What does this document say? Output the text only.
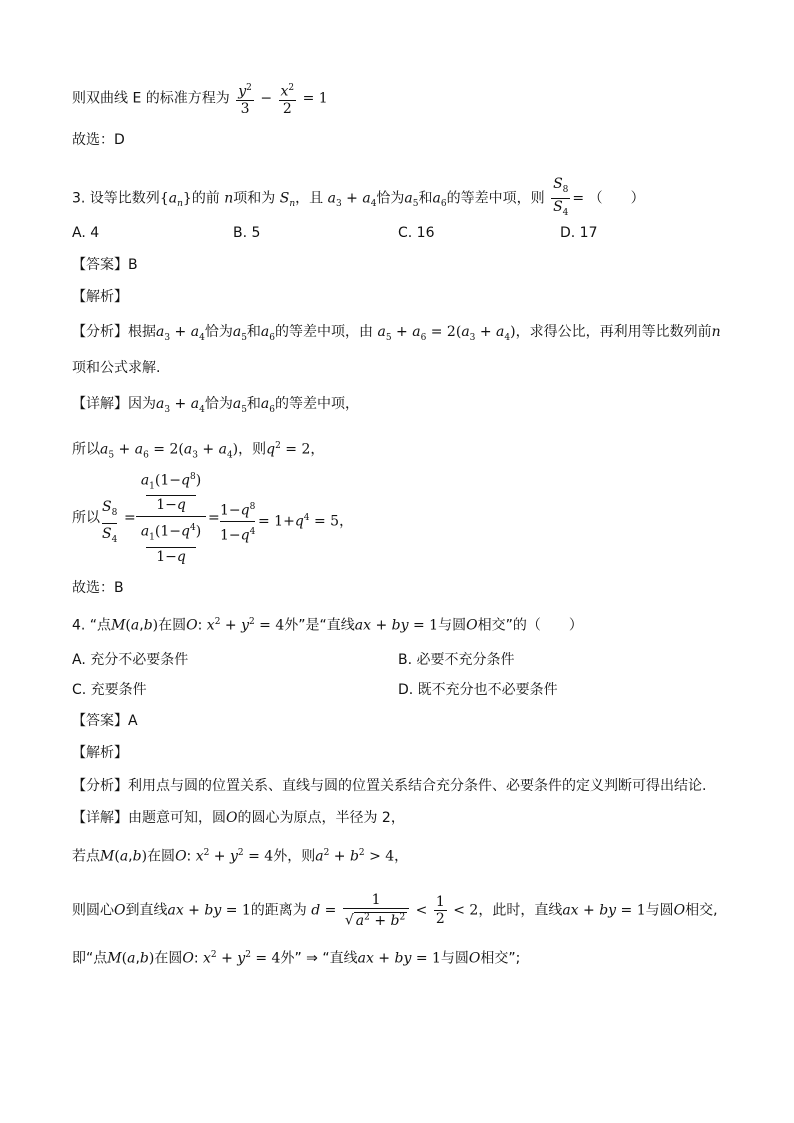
则双曲线 E 的标准方程为 $\frac{y^2}{3} - \frac{x^2}{2} = 1$
故选：D
3. 设等比数列$\{a_n\}$的前 n项和为 $S_n$，且 $a_3 + a_4$恰为$a_5$和$a_6$的等差中项，则 $\frac{S_8}{S_4}$ = （　　）
A. 4	B. 5	C. 16	D. 17
【答案】B
【解析】
【分析】根据$a_3 + a_4$恰为$a_5$和$a_6$的等差中项，由 $a_5 + a_6 = 2(a_3 + a_4)$，求得公比，再利用等比数列前n
项和公式求解.
【详解】因为$a_3 + a_4$恰为$a_5$和$a_6$的等差中项，
所以$a_5 + a_6 = 2(a_3 + a_4)$，则$q^2 = 2$，
所以
$S_8$
$S_4$
=
$a_1(1-q^8)$
1−q
$a_1(1-q^4)$
1−q
= $1-q^8$
$1-q^4$
= $1+q^4 = 5$，
故选：B
4. “点M(a,b)在圆O: $x^2 + y^2 = 4$外”是“直线ax + by = 1与圆O相交”的（　　）
A. 充分不必要条件	B. 必要不充分条件
C. 充要条件	D. 既不充分也不必要条件
【答案】A
【解析】
【分析】利用点与圆的位置关系、直线与圆的位置关系结合充分条件、必要条件的定义判断可得出结论.
【详解】由题意可知，圆O的圆心为原点，半径为 2，
若点M(a,b)在圆O: $x^2 + y^2 = 4$外，则$a^2 + b^2 > 4$，
则圆心O到直线ax + by = 1的距离为 $d = \frac{1}{√ a^2 + b^2} < \frac{1}{2} < 2$，此时，直线ax + by = 1与圆O相交,
即“点M(a,b)在圆O: $x^2 + y^2 = 4$外” ⇒ “直线ax + by = 1与圆O相交”;
